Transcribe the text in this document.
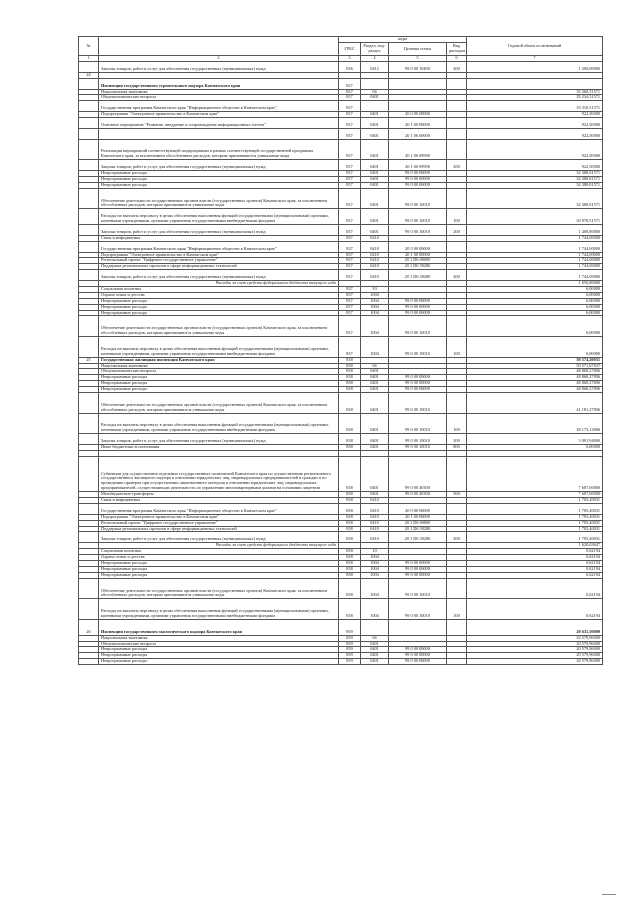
№		коды				Годовой объем ассигнований
		ГРБС	Раздел, под-раздел	Целевая статья	Вид расходов	
1	2	3	4	5	6	7
	Закупка товаров, работ и услуг для обеспечения государственных (муниципальных) нужд	836	0412	99 0 00 10400	200	1 200,00000
24						
	Инспекция государственного строительного надзора Камчатского края	837				
	Национальная экономика	837	04			35 260,51571
	Общеэкономические вопросы	837	0401			35 234,51571
	Государственная программа Камчатского края "Информационное общество в Камчатском крае"	837				33 310,51571
	Подпрограмма "Электронное правительство в Камчатском крае"	837	0401	20 0 00 00000		922,50000
	Основное мероприятие "Развитие, внедрение и сопровождение информационных систем"	837	0401	20 1 00 00000		922,50000
		837	0401	20 1 06 00000		922,50000
	Реализация мероприятий соответствующей подпрограммы в рамках соответствующей государственной программы Камчатского края, за исключением обособленных расходов, которым присваиваются уникальные коды	837	0401	20 1 06 09990		922,50000
	Закупка товаров, работ и услуг для обеспечения государственных (муниципальных) нужд	837	0401	20 1 06 09990	200	922,50000
	Непрограммные расходы	837	0401	99 0 00 00000		32 388,01571
	Непрограммные расходы	837	0401	99 0 00 00000		32 388,01571
	Непрограммные расходы	837	0401	99 0 00 00000		32 388,01571
	Обеспечение деятельности государственных органов власти (государственных органов) Камчатского края, за исключением обособленных расходов, которым присваиваются уникальные коды	837	0401	99 0 00 10010		32 388,01571
	Расходы на выплаты персоналу в целях обеспечения выполнения функций государственными (муниципальными) органами, казенными учреждениями, органами управления государственными внебюджетными фондами	837	0401	99 0 00 10010	100	30 978,51571
	Закупка товаров, работ и услуг для обеспечения государственных (муниципальных) нужд	837	0401	99 0 00 10010	200	1 408,80000
	Связь и информатика	837	0410			1 744,00000
	Государственная программа Камчатского края "Информационное общество в Камчатском крае"	837	0410	20 0 00 00000		1 744,00000
	Подпрограмма "Электронное правительство в Камчатском крае"	837	0410	20 1 00 00000		1 744,00000
	Региональный проект "Цифровое государственное управление"	837	0410	20 1 D6 00000		1 744,00000
	Поддержка региональных проектов в сфере информационных технологий	837	0410	20 1 D6 50280		1 744,00000
	Закупка товаров, работ и услуг для обеспечения государственных (муниципальных) нужд	837	0410	20 1 D6 50280	200	1 744,00000
	Расходы за счет средств федерального бюджета текущего года					1 656,80000
	Социальная политика	837	10			6,00000
	Охрана семьи и детства	837	1004			6,00000
	Непрограммные расходы	837	1004	99 0 00 00000		6,00000
	Непрограммные расходы	837	1004	99 0 00 00000		6,00000
	Непрограммные расходы	837	1004	99 0 00 00000		6,00000
	Обеспечение деятельности государственных органов власти (государственных органов) Камчатского края, за исключением обособленных расходов, которым присваиваются уникальные коды	837	1004	99 0 00 10010		6,00000
	Расходы на выплаты персоналу в целях обеспечения выполнения функций государственными (муниципальными) органами, казенными учреждениями, органами управления государственными внебюджетными фондами	837	1004	99 0 00 10010	100	6,00000
25	Государственная жилищная инспекция Камчатского края	838				50 574,20031
	Национальная экономика	838	04			50 571,67837
	Общеэкономические вопросы	838	0401			48 868,27806
	Непрограммные расходы	838	0401	99 0 00 00000		48 868,27806
	Непрограммные расходы	838	0401	99 0 00 00000		48 868,27806
	Непрограммные расходы	838	0401	99 0 00 00000		48 868,27806
	Обеспечение деятельности государственных органов власти (государственных органов) Камчатского края, за исключением обособленных расходов, которым присваиваются уникальные коды	838	0401	99 0 00 10010		41 181,27806
	Расходы на выплаты персоналу в целях обеспечения выполнения функций государственными (муниципальными) органами, казенными учреждениями, органами управления государственными внебюджетными фондами	838	0401	99 0 00 10010	100	38 173,13806
	Закупка товаров, работ и услуг для обеспечения государственных (муниципальных) нужд	838	0401	99 0 00 10010	200	3 001,94000
	Иные бюджетные ассигнования	838	0401	99 0 00 10010	800	6,00000

	Субвенции для осуществления отдельных государственных полномочий Камчатского края по осуществлению регионального государственного жилищного надзора в отношении юридических лиц, индивидуальных предпринимателей и граждан и по проведению проверок при осуществлении лицензионного контроля в отношении юридических лиц, индивидуальных предпринимателей, осуществляющих деятельность по управлению многоквартирными домами на основании лицензии	838	0401	99 0 00 40300		7 687,00000
	Межбюджетные трансферты	838	0401	99 0 00 40300	500	7 687,00000
	Связь и информатика	838	0410			1 705,40031
	Государственная программа Камчатского края "Информационное общество в Камчатском крае"	838	0410	20 0 00 00000		1 705,40031
	Подпрограмма "Электронное правительство в Камчатском крае"	838	0410	20 1 00 00000		1 705,40031
	Региональный проект "Цифровое государственное управление"	838	0410	20 1 D6 00000		1 705,40031
	Поддержка региональных проектов в сфере информационных технологий	838	0410	20 1 D6 50280		1 705,40031
	Закупка товаров, работ и услуг для обеспечения государственных (муниципальных) нужд	838	0410	20 1 D6 50280	200	1 705,40031
	Расходы за счет средств федерального бюджета текущего года					1 620,03647
	Социальная политика	838	10			0,62194
	Охрана семьи и детства	838	1004			0,62194
	Непрограммные расходы	838	1004	99 0 00 00000		0,62194
	Непрограммные расходы	838	1004	99 0 00 00000		0,62194
	Непрограммные расходы	838	1004	99 0 00 00000		0,62194
	Обеспечение деятельности государственных органов власти (государственных органов) Камчатского края, за исключением обособленных расходов, которым присваиваются уникальные коды	838	1004	99 0 00 10010		0,62194
	Расходы на выплаты персоналу в целях обеспечения выполнения функций государственными (муниципальными) органами, казенными учреждениями, органами управления государственными внебюджетными фондами	838	1004	99 0 00 10010	100	0,62194
26	Инспекция государственного экологического надзора Камчатского края	839				20 631,50000
	Национальная экономика	839	04			20 579,96000
	Общеэкономические вопросы	839	0401			20 579,96000
	Непрограммные расходы	839	0401	99 0 00 00000		20 579,96000
	Непрограммные расходы	839	0401	99 0 00 00000		20 579,96000
	Непрограммные расходы	839	0401	99 0 00 00000		20 579,96000
